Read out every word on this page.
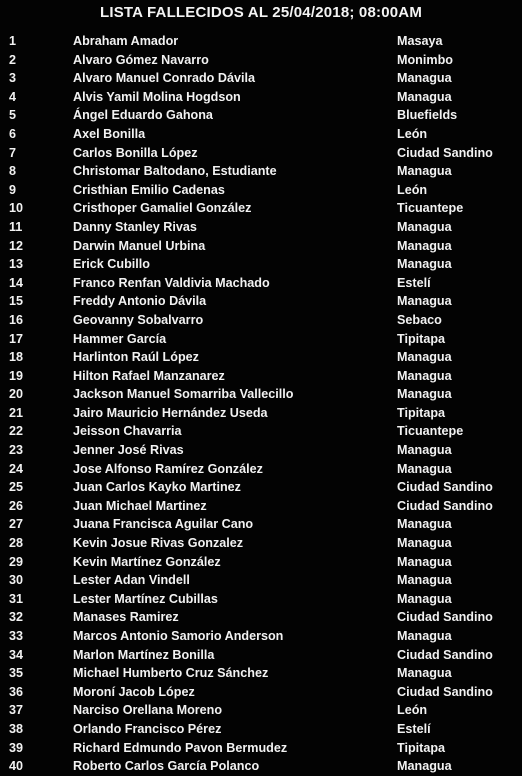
LISTA FALLECIDOS AL 25/04/2018; 08:00AM
1	Abraham Amador	Masaya
2	Alvaro Gómez Navarro	Monimbo
3	Alvaro Manuel Conrado Dávila	Managua
4	Alvis Yamil Molina Hogdson	Managua
5	Ángel Eduardo Gahona	Bluefields
6	Axel Bonilla	León
7	Carlos Bonilla López	Ciudad Sandino
8	Christomar Baltodano, Estudiante	Managua
9	Cristhian Emilio Cadenas	León
10	Cristhoper Gamaliel González	Ticuantepe
11	Danny Stanley Rivas	Managua
12	Darwin Manuel Urbina	Managua
13	Erick Cubillo	Managua
14	Franco Renfan Valdivia Machado	Estelí
15	Freddy Antonio Dávila	Managua
16	Geovanny Sobalvarro	Sebaco
17	Hammer García	Tipitapa
18	Harlinton Raúl López	Managua
19	Hilton Rafael Manzanarez	Managua
20	Jackson Manuel Somarriba Vallecillo	Managua
21	Jairo Mauricio Hernández Useda	Tipitapa
22	Jeisson Chavarria	Ticuantepe
23	Jenner José Rivas	Managua
24	Jose Alfonso Ramírez González	Managua
25	Juan Carlos Kayko Martinez	Ciudad Sandino
26	Juan Michael Martinez	Ciudad Sandino
27	Juana Francisca Aguilar Cano	Managua
28	Kevin Josue Rivas Gonzalez	Managua
29	Kevin Martínez González	Managua
30	Lester Adan Vindell	Managua
31	Lester Martínez Cubillas	Managua
32	Manases Ramirez	Ciudad Sandino
33	Marcos Antonio Samorio Anderson	Managua
34	Marlon Martínez Bonilla	Ciudad Sandino
35	Michael Humberto Cruz Sánchez	Managua
36	Moroní Jacob López	Ciudad Sandino
37	Narciso Orellana Moreno	León
38	Orlando Francisco Pérez	Estelí
39	Richard Edmundo Pavon Bermudez	Tipitapa
40	Roberto Carlos García Polanco	Managua
